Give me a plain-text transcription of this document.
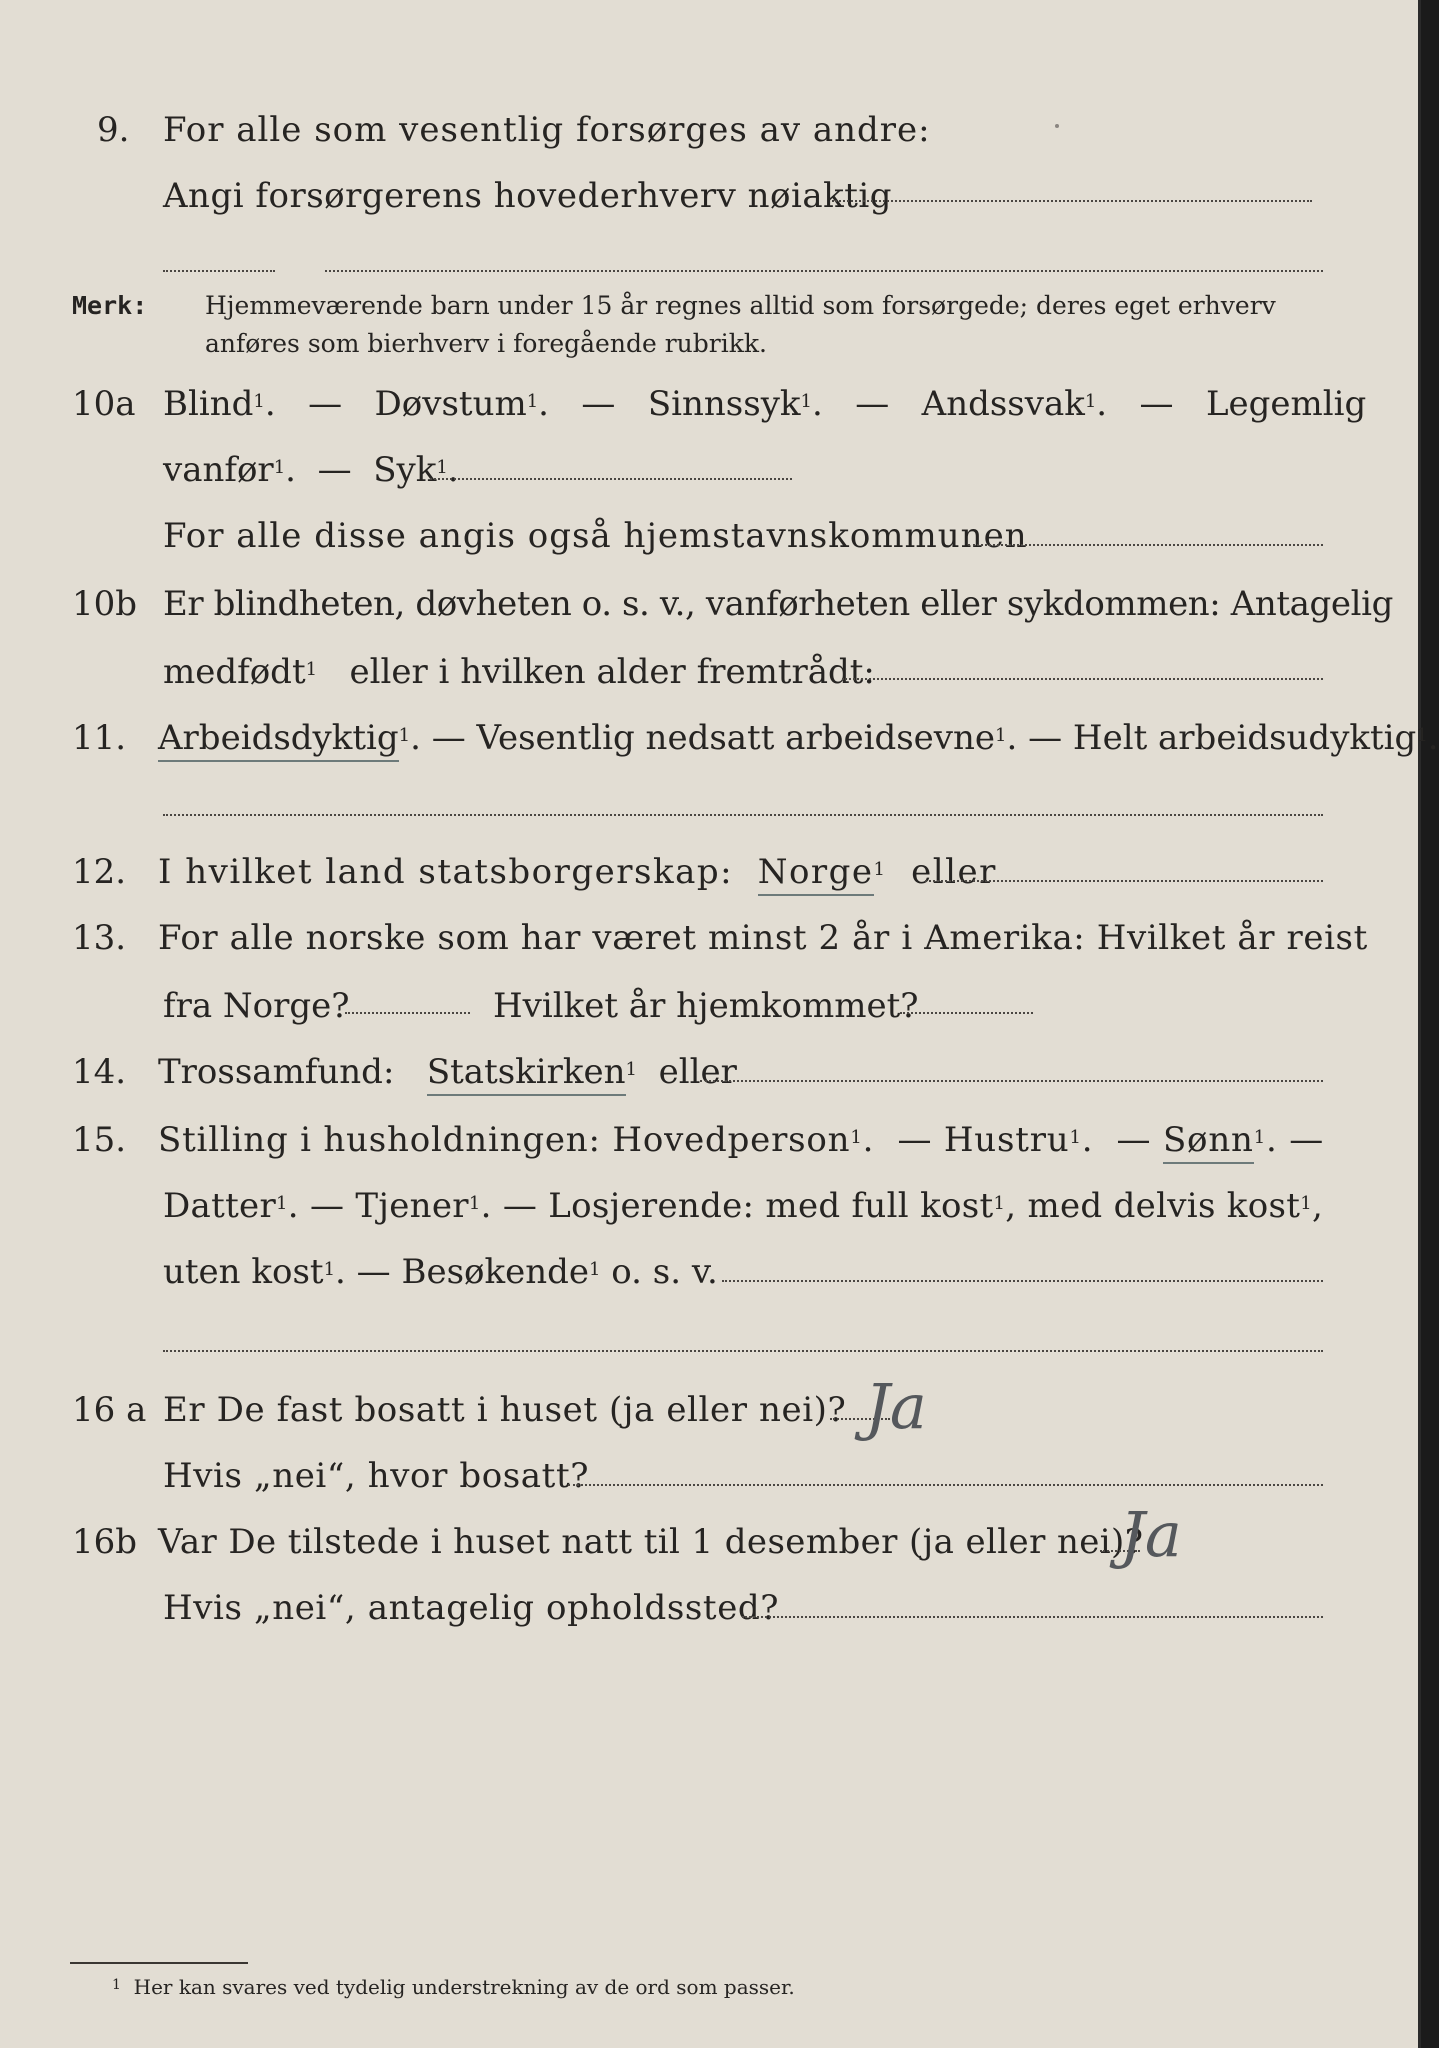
9. For alle som vesentlig forsørges av andre:
Angi forsørgerens hovederhverv nøiaktig
Merk: Hjemmeværende barn under 15 år regnes alltid som forsørgede; deres eget erhverv
anføres som bierhverv i foregående rubrikk.
10a Blind$^1$.   — Døvstum$^1$.   — Sinnssyk$^1$.   — Andssvak$^1$.   — Legemlig
vanfør$^1$.  — Syk$^1$.
For alle disse angis også hjemstavnskommunen
10b Er blindheten, døvheten o. s. v., vanførheten eller sykdommen: Antagelig
medfødt$^1$ eller i hvilken alder fremtrådt:
11. Arbeidsdyktig$^1$. — Vesentlig nedsatt arbeidsevne$^1$. — Helt arbeidsudyktig$^1$.
12. I hvilket land statsborgerskap: Norge$^1$ eller
13. For alle norske som har været minst 2 år i Amerika: Hvilket år reist
fra Norge?	Hvilket år hjemkommet?
14. Trossamfund: Statskirken$^1$ eller
15. Stilling i husholdningen: Hovedperson$^1$.  — Hustru$^1$.  — Sønn$^1$. —
Datter$^1$. — Tjener$^1$. — Losjerende: med full kost$^1$, med delvis kost$^1$,
uten kost$^1$. — Besøkende$^1$ o. s. v.
16 a Er De fast bosatt i huset (ja eller nei)? Ja
Hvis „nei“, hvor bosatt?
16b Var De tilstede i huset natt til 1 desember (ja eller nei)?
Ja
Hvis „nei“, antagelig opholdssted?
$^1$ Her kan svares ved tydelig understrekning av de ord som passer.
